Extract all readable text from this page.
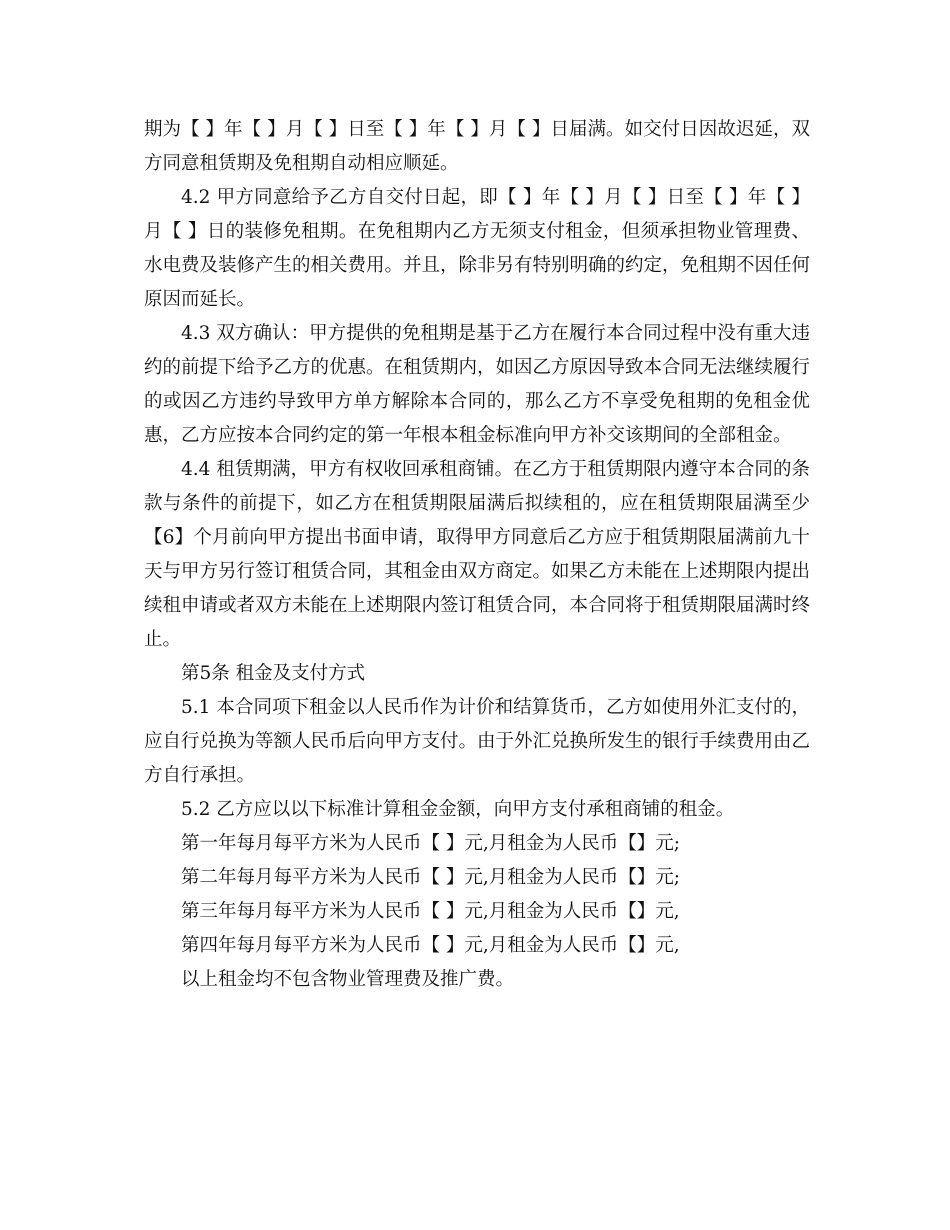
期为【 】年【 】月【 】日至【 】年【 】月【 】日届满。如交付日因故迟延，双方同意租赁期及免租期自动相应顺延。

4.2 甲方同意给予乙方自交付日起，即【 】年【 】月【 】日至【 】年【 】月【 】日的装修免租期。在免租期内乙方无须支付租金，但须承担物业管理费、水电费及装修产生的相关费用。并且，除非另有特别明确的约定，免租期不因任何原因而延长。

4.3 双方确认：甲方提供的免租期是基于乙方在履行本合同过程中没有重大违约的前提下给予乙方的优惠。在租赁期内，如因乙方原因导致本合同无法继续履行的或因乙方违约导致甲方单方解除本合同的，那么乙方不享受免租期的免租金优惠，乙方应按本合同约定的第一年根本租金标准向甲方补交该期间的全部租金。

4.4 租赁期满，甲方有权收回承租商铺。在乙方于租赁期限内遵守本合同的条款与条件的前提下，如乙方在租赁期限届满后拟续租的，应在租赁期限届满至少【6】个月前向甲方提出书面申请，取得甲方同意后乙方应于租赁期限届满前九十天与甲方另行签订租赁合同，其租金由双方商定。如果乙方未能在上述期限内提出续租申请或者双方未能在上述期限内签订租赁合同，本合同将于租赁期限届满时终止。

第5条 租金及支付方式

5.1 本合同项下租金以人民币作为计价和结算货币，乙方如使用外汇支付的，应自行兑换为等额人民币后向甲方支付。由于外汇兑换所发生的银行手续费用由乙方自行承担。

5.2 乙方应以以下标准计算租金金额，向甲方支付承租商铺的租金。

第一年每月每平方米为人民币【 】元,月租金为人民币【】元;

第二年每月每平方米为人民币【 】元,月租金为人民币【】元;

第三年每月每平方米为人民币【 】元,月租金为人民币【】元,

第四年每月每平方米为人民币【 】元,月租金为人民币【】元,

以上租金均不包含物业管理费及推广费。
